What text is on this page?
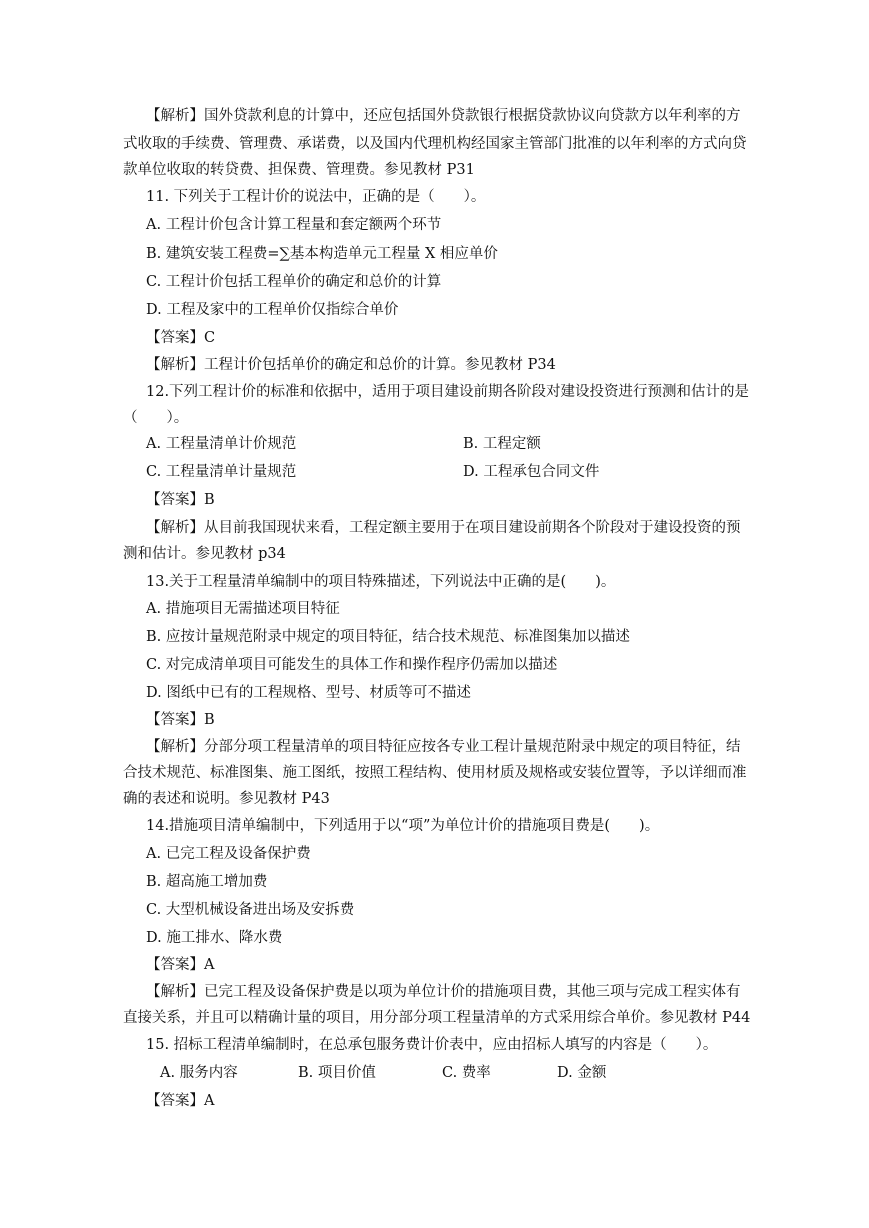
【解析】国外贷款利息的计算中，还应包括国外贷款银行根据贷款协议向贷款方以年利率的方
式收取的手续费、管理费、承诺费，以及国内代理机构经国家主管部门批准的以年利率的方式向贷
款单位收取的转贷费、担保费、管理费。参见教材 P31
11. 下列关于工程计价的说法中，正确的是（　　）。
A. 工程计价包含计算工程量和套定额两个环节
B. 建筑安装工程费=∑基本构造单元工程量 X 相应单价
C. 工程计价包括工程单价的确定和总价的计算
D. 工程及家中的工程单价仅指综合单价
【答案】C
【解析】工程计价包括单价的确定和总价的计算。参见教材 P34
12.下列工程计价的标准和依据中，适用于项目建设前期各阶段对建设投资进行预测和估计的是
（　　）。
A. 工程量清单计价规范	B. 工程定额
C. 工程量清单计量规范	D. 工程承包合同文件
【答案】B
【解析】从目前我国现状来看，工程定额主要用于在项目建设前期各个阶段对于建设投资的预
测和估计。参见教材 p34
13.关于工程量清单编制中的项目特殊描述，下列说法中正确的是(　　)。
A. 措施项目无需描述项目特征
B. 应按计量规范附录中规定的项目特征，结合技术规范、标准图集加以描述
C. 对完成清单项目可能发生的具体工作和操作程序仍需加以描述
D. 图纸中已有的工程规格、型号、材质等可不描述
【答案】B
【解析】分部分项工程量清单的项目特征应按各专业工程计量规范附录中规定的项目特征，结
合技术规范、标准图集、施工图纸，按照工程结构、使用材质及规格或安装位置等，予以详细而准
确的表述和说明。参见教材 P43
14.措施项目清单编制中，下列适用于以“项”为单位计价的措施项目费是(　　)。
A. 已完工程及设备保护费
B. 超高施工增加费
C. 大型机械设备进出场及安拆费
D. 施工排水、降水费
【答案】A
【解析】已完工程及设备保护费是以项为单位计价的措施项目费，其他三项与完成工程实体有
直接关系，并且可以精确计量的项目，用分部分项工程量清单的方式采用综合单价。参见教材 P44
15. 招标工程清单编制时，在总承包服务费计价表中，应由招标人填写的内容是（　　）。
A. 服务内容	B. 项目价值	C. 费率	D. 金额
【答案】A
